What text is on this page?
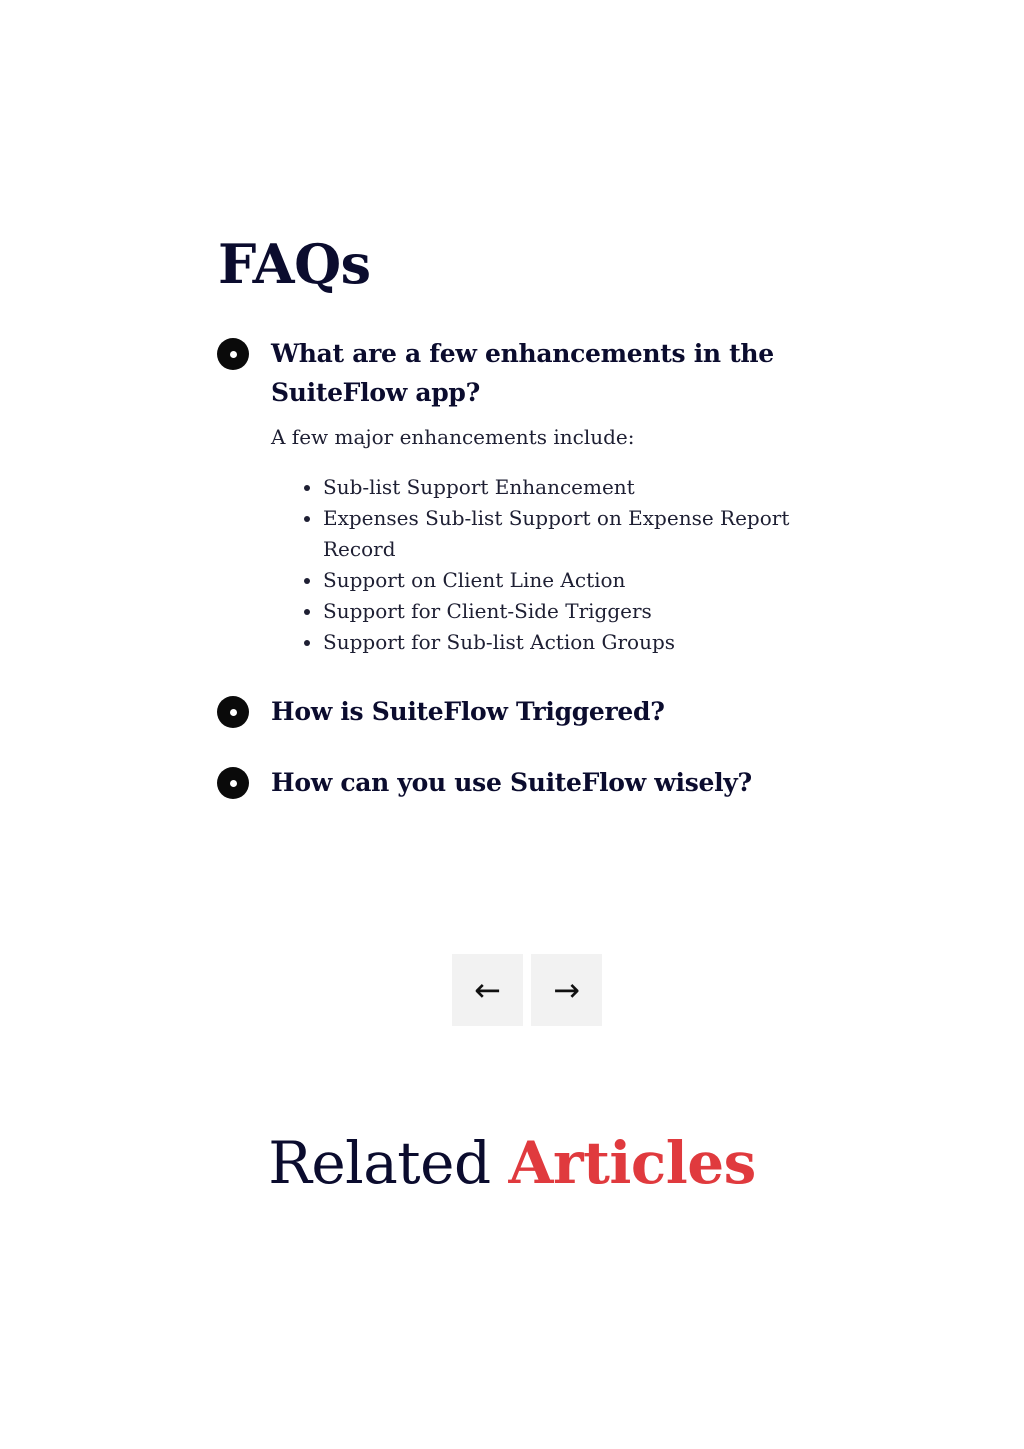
FAQs
What are a few enhancements in the SuiteFlow app?

A few major enhancements include:

• Sub-list Support Enhancement
• Expenses Sub-list Support on Expense Report Record
• Support on Client Line Action
• Support for Client-Side Triggers
• Support for Sub-list Action Groups
How is SuiteFlow Triggered?
How can you use SuiteFlow wisely?
←	→
Related Articles
